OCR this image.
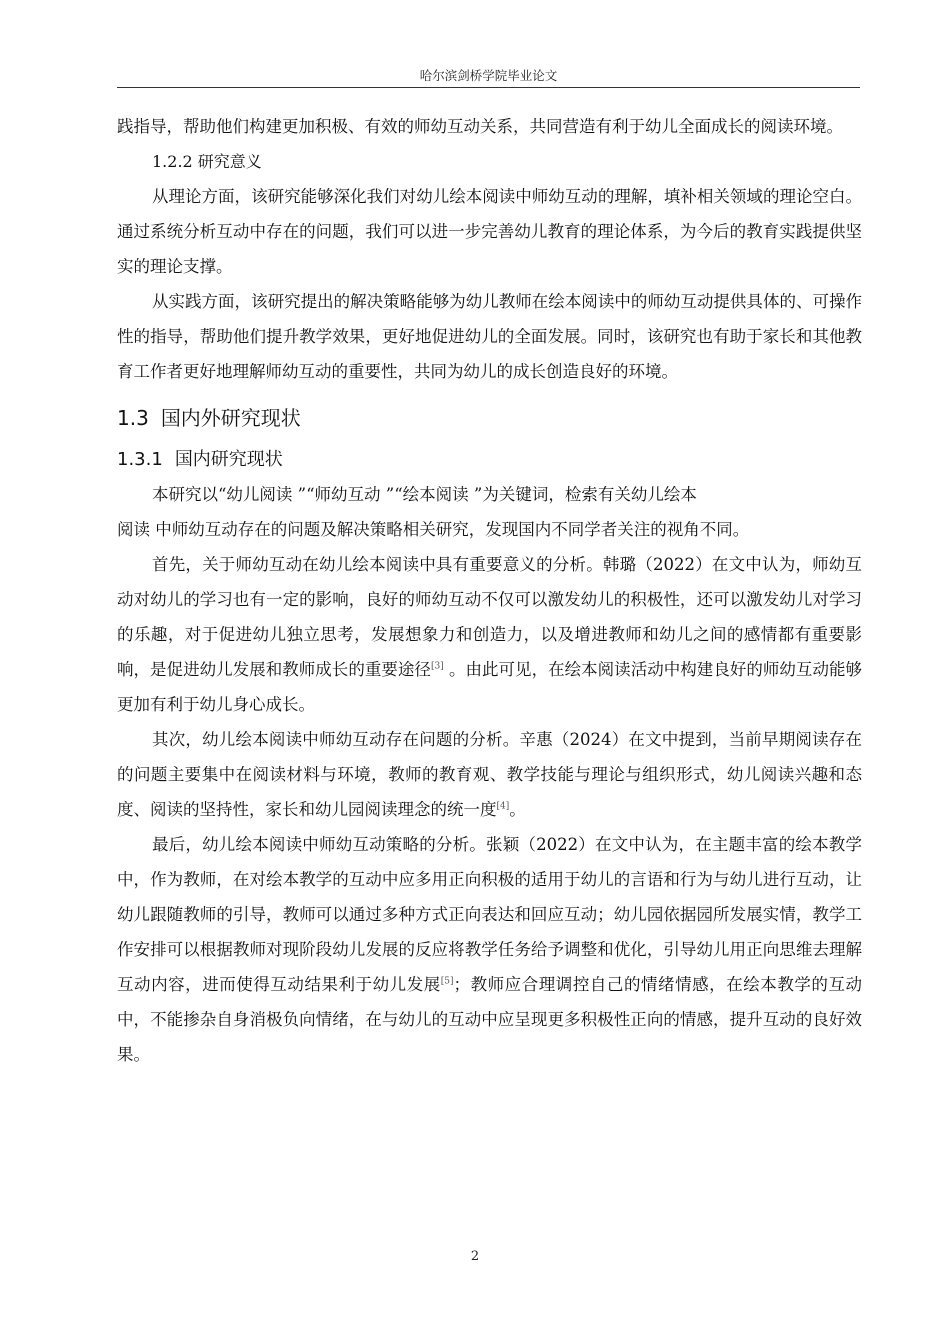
哈尔滨剑桥学院毕业论文

践指导，帮助他们构建更加积极、有效的师幼互动关系，共同营造有利于幼儿全面成长的阅读环境。

1.2.2 研究意义

从理论方面，该研究能够深化我们对幼儿绘本阅读中师幼互动的理解，填补相关领域的理论空白。通过系统分析互动中存在的问题，我们可以进一步完善幼儿教育的理论体系，为今后的教育实践提供坚实的理论支撑。

从实践方面，该研究提出的解决策略能够为幼儿教师在绘本阅读中的师幼互动提供具体的、可操作性的指导，帮助他们提升教学效果，更好地促进幼儿的全面发展。同时，该研究也有助于家长和其他教育工作者更好地理解师幼互动的重要性，共同为幼儿的成长创造良好的环境。

1.3 国内外研究现状
1.3.1 国内研究现状

本研究以“幼儿阅读 ”“师幼互动 ”“绘本阅读 ”为关键词，检索有关幼儿绘本
阅读 中师幼互动存在的问题及解决策略相关研究，发现国内不同学者关注的视角不同。

首先，关于师幼互动在幼儿绘本阅读中具有重要意义的分析。韩璐（2022）在文中认为，师幼互动对幼儿的学习也有一定的影响，良好的师幼互动不仅可以激发幼儿的积极性，还可以激发幼儿对学习的乐趣，对于促进幼儿独立思考，发展想象力和创造力，以及增进教师和幼儿之间的感情都有重要影响，是促进幼儿发展和教师成长的重要途径[3] 。由此可见，在绘本阅读活动中构建良好的师幼互动能够更加有利于幼儿身心成长。

其次，幼儿绘本阅读中师幼互动存在问题的分析。辛惠（2024）在文中提到，当前早期阅读存在的问题主要集中在阅读材料与环境，教师的教育观、教学技能与理论与组织形式，幼儿阅读兴趣和态度、阅读的坚持性，家长和幼儿园阅读理念的统一度[4]。

最后，幼儿绘本阅读中师幼互动策略的分析。张颖（2022）在文中认为，在主题丰富的绘本教学中，作为教师，在对绘本教学的互动中应多用正向积极的适用于幼儿的言语和行为与幼儿进行互动，让幼儿跟随教师的引导，教师可以通过多种方式正向表达和回应互动；幼儿园依据园所发展实情，教学工作安排可以根据教师对现阶段幼儿发展的反应将教学任务给予调整和优化，引导幼儿用正向思维去理解互动内容，进而使得互动结果利于幼儿发展[5]；教师应合理调控自己的情绪情感，在绘本教学的互动中，不能掺杂自身消极负向情绪，在与幼儿的互动中应呈现更多积极性正向的情感，提升互动的良好效果。

2
